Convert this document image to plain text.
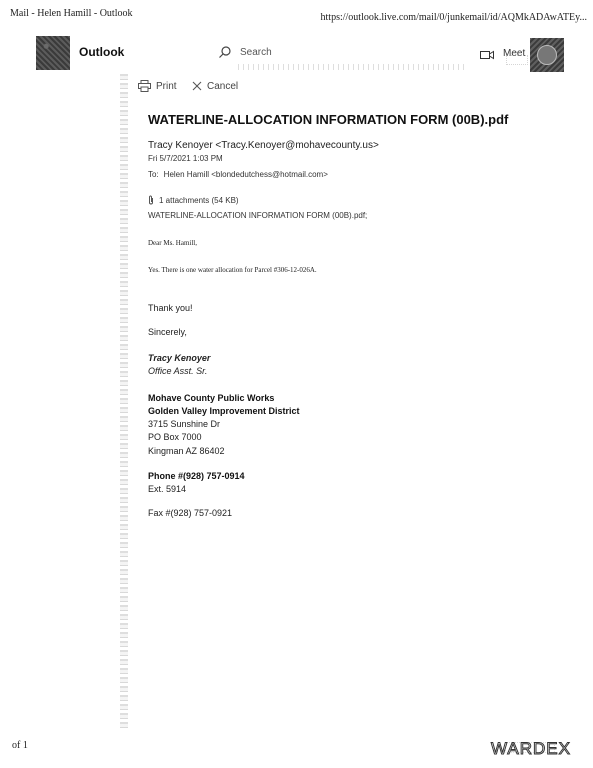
Mail - Helen Hamill - Outlook	https://outlook.live.com/mail/0/junkemail/id/AQMkADAwATEy...
Outlook	Search	Meet
Print	Cancel
WATERLINE-ALLOCATION INFORMATION FORM (00B).pdf
Tracy Kenoyer <Tracy.Kenoyer@mohavecounty.us>
Fri 5/7/2021 1:03 PM
To: Helen Hamill <blondedutchess@hotmail.com>
1 attachments (54 KB)
WATERLINE-ALLOCATION INFORMATION FORM (00B).pdf;
Dear Ms. Hamill,
Yes. There is one water allocation for Parcel #306-12-026A.
Thank you!
Sincerely,
Tracy Kenoyer
Office Asst. Sr.
Mohave County Public Works
Golden Valley Improvement District
3715 Sunshine Dr
PO Box 7000
Kingman AZ 86402
Phone #(928) 757-0914
Ext. 5914
Fax #(928) 757-0921
of 1	WARDEX
